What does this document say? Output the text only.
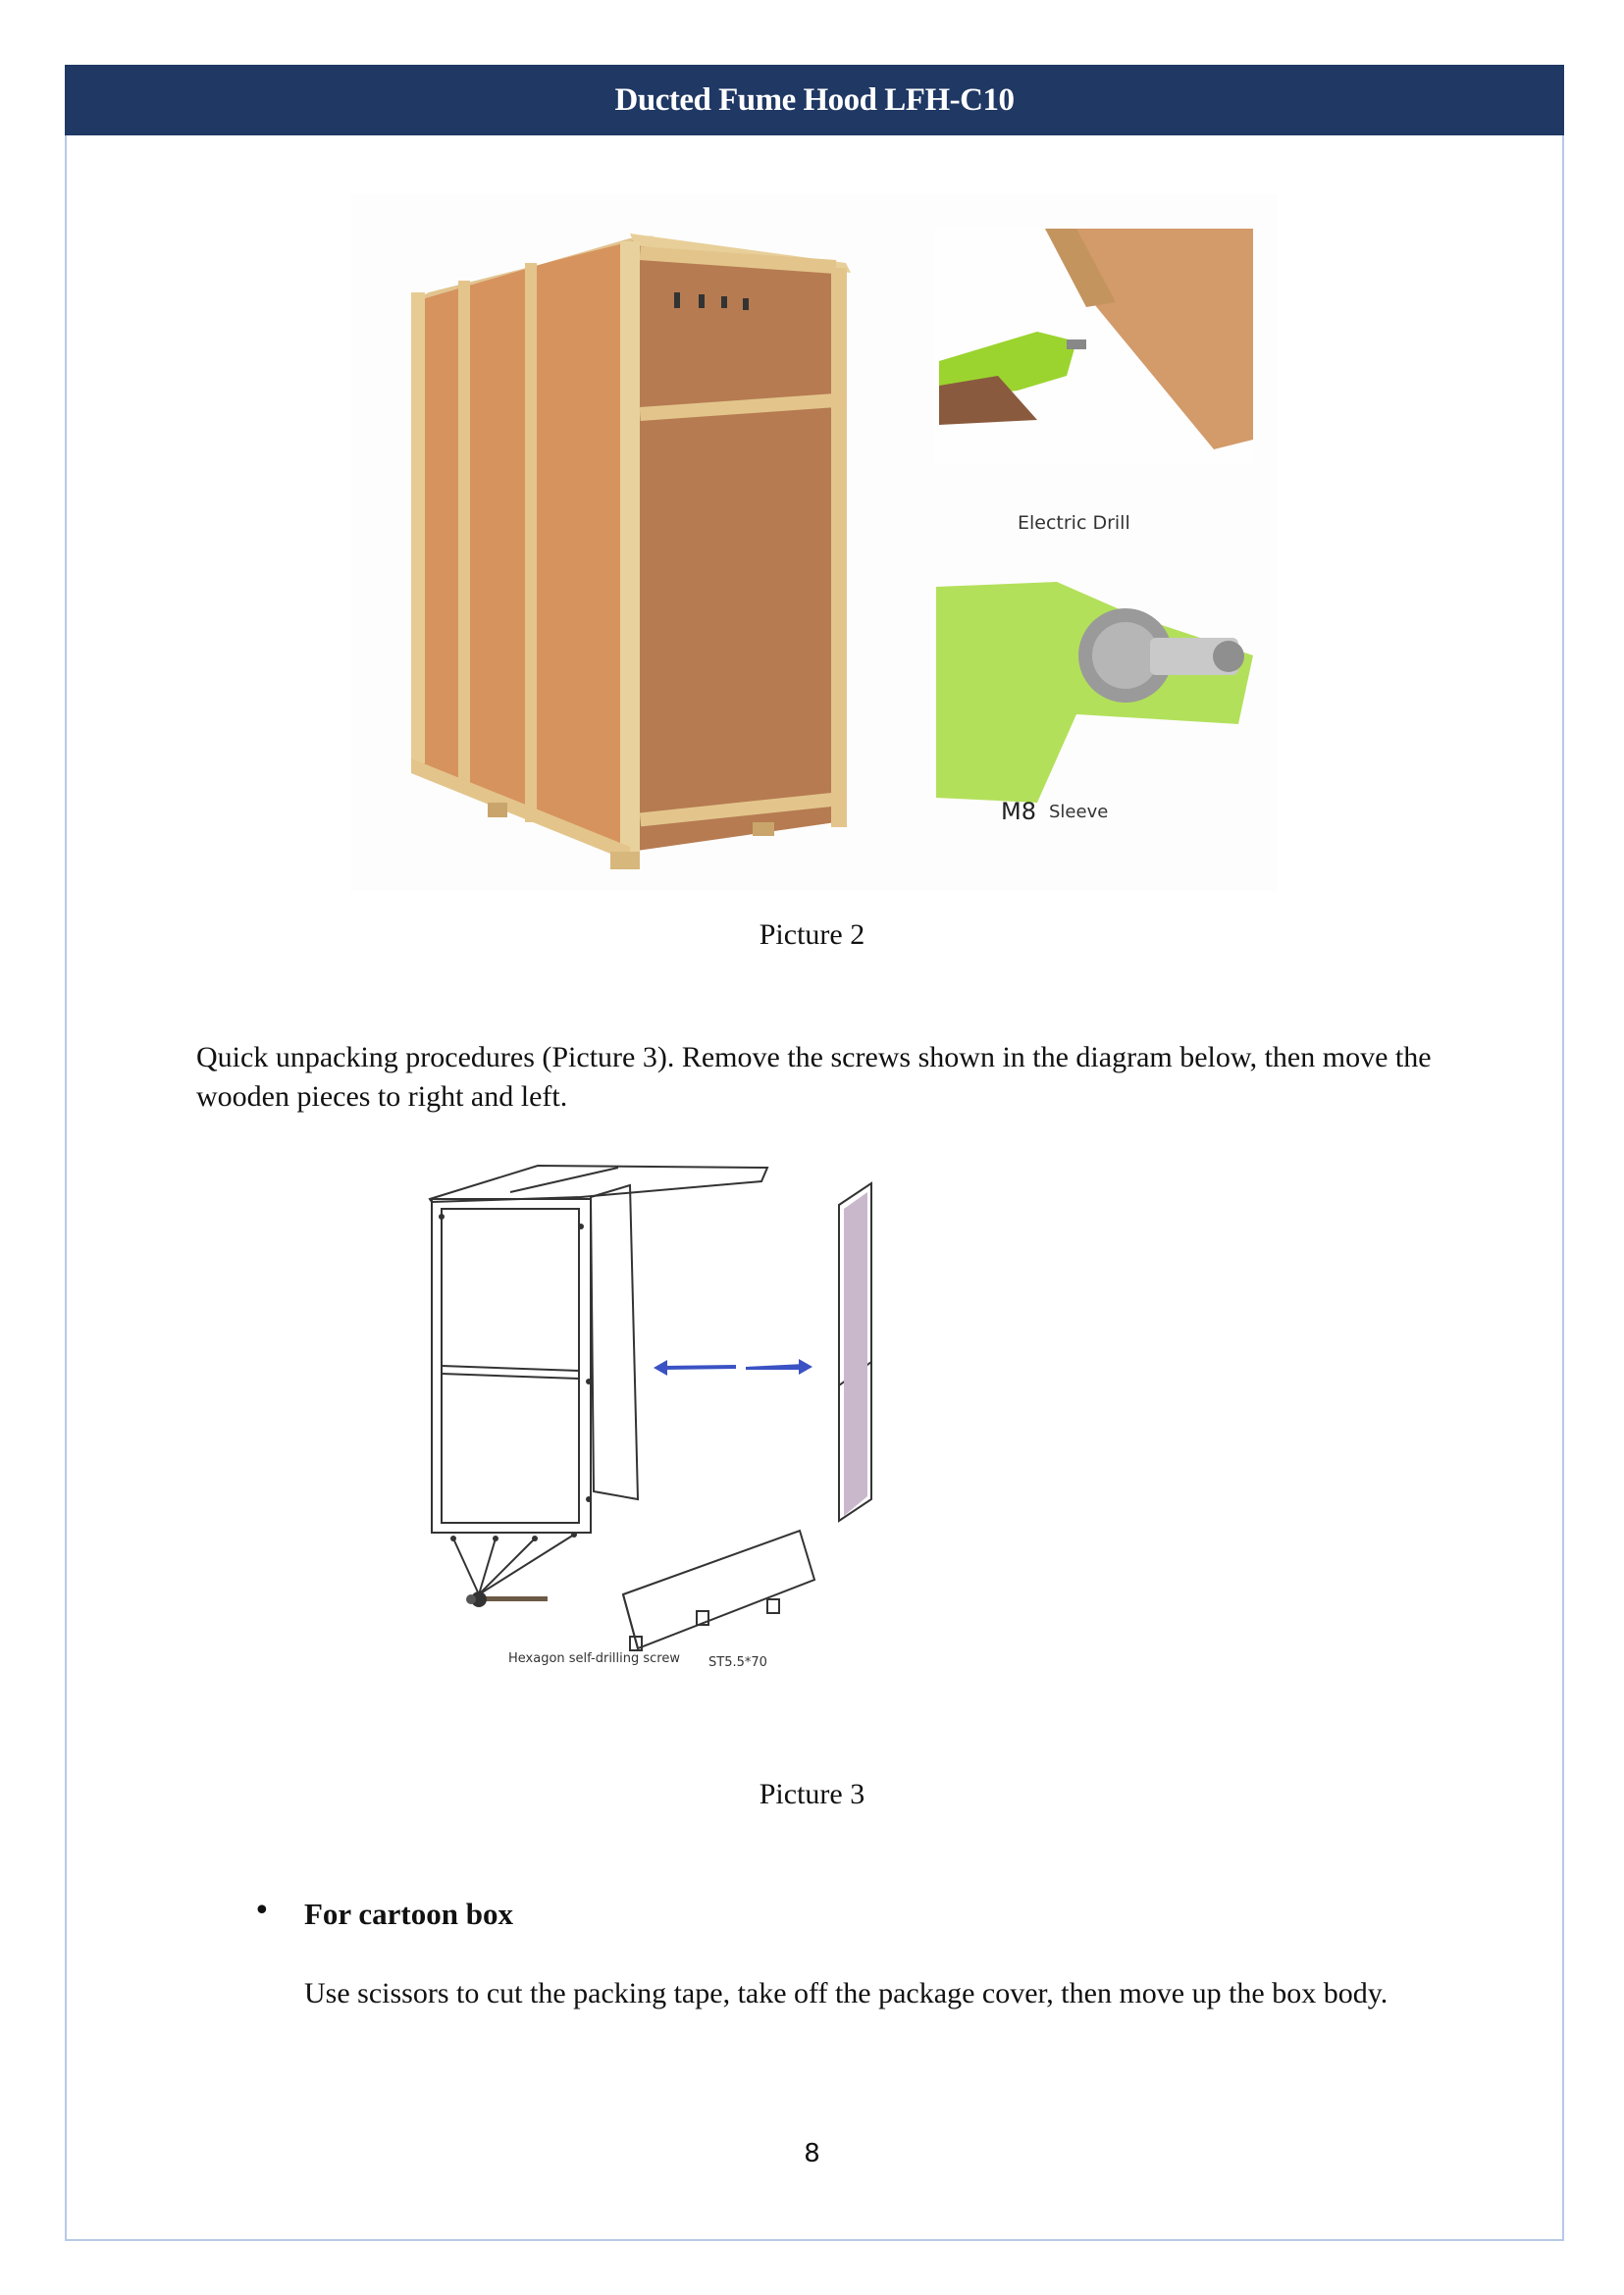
Ducted Fume Hood LFH-C10
Electric Drill
M8 Sleeve
Picture 2
Quick unpacking procedures (Picture 3). Remove the screws shown in the diagram below, then move the wooden pieces to right and left.
Hexagon self-drilling screw ST5.5*70
Picture 3
• For cartoon box
Use scissors to cut the packing tape, take off the package cover, then move up the box body.
8
